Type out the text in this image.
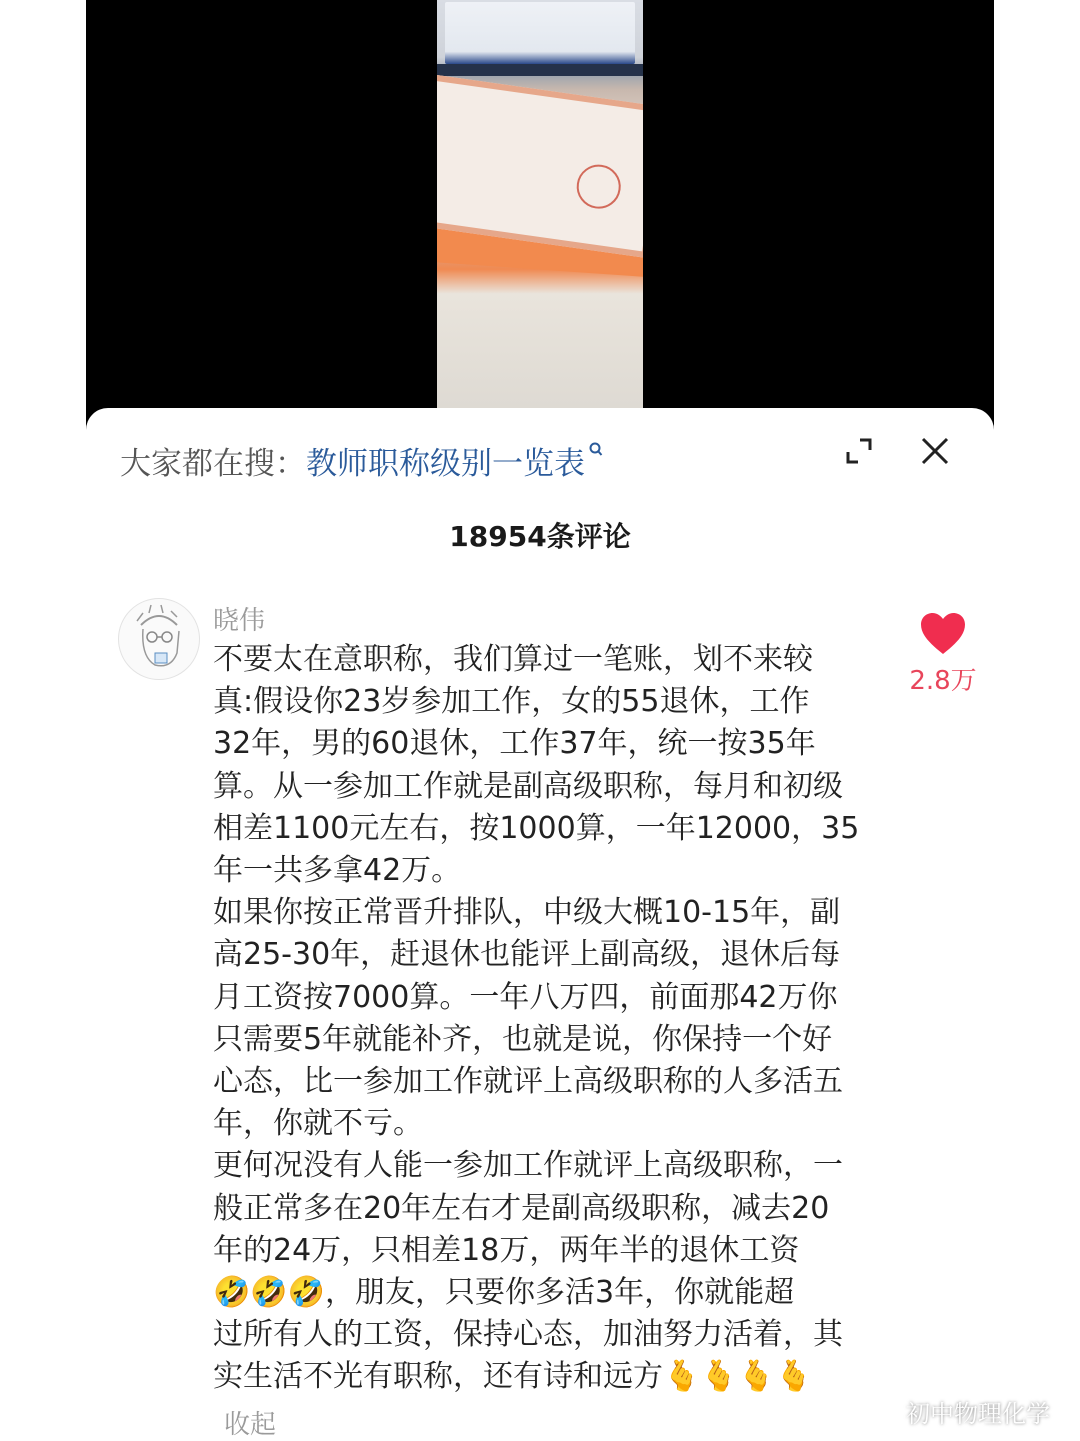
大家都在搜： 教师职称级别一览表
18954条评论
晓伟

不要太在意职称，我们算过一笔账，划不来较
真:假设你23岁参加工作，女的55退休，工作
32年，男的60退休，工作37年，统一按35年
算。从一参加工作就是副高级职称，每月和初级
相差1100元左右，按1000算，一年12000，35
年一共多拿42万。
如果你按正常晋升排队，中级大概10-15年，副
高25-30年，赶退休也能评上副高级，退休后每
月工资按7000算。一年八万四，前面那42万你
只需要5年就能补齐，也就是说，你保持一个好
心态，比一参加工作就评上高级职称的人多活五
年，你就不亏。
更何况没有人能一参加工作就评上高级职称，一
般正常多在20年左右才是副高级职称，减去20
年的24万，只相差18万，两年半的退休工资
🤣🤣🤣，朋友，只要你多活3年，你就能超
过所有人的工资，保持心态，加油努力活着，其
实生活不光有职称，还有诗和远方🫰🫰🫰🫰

2.8万
收起	初中物理化学
